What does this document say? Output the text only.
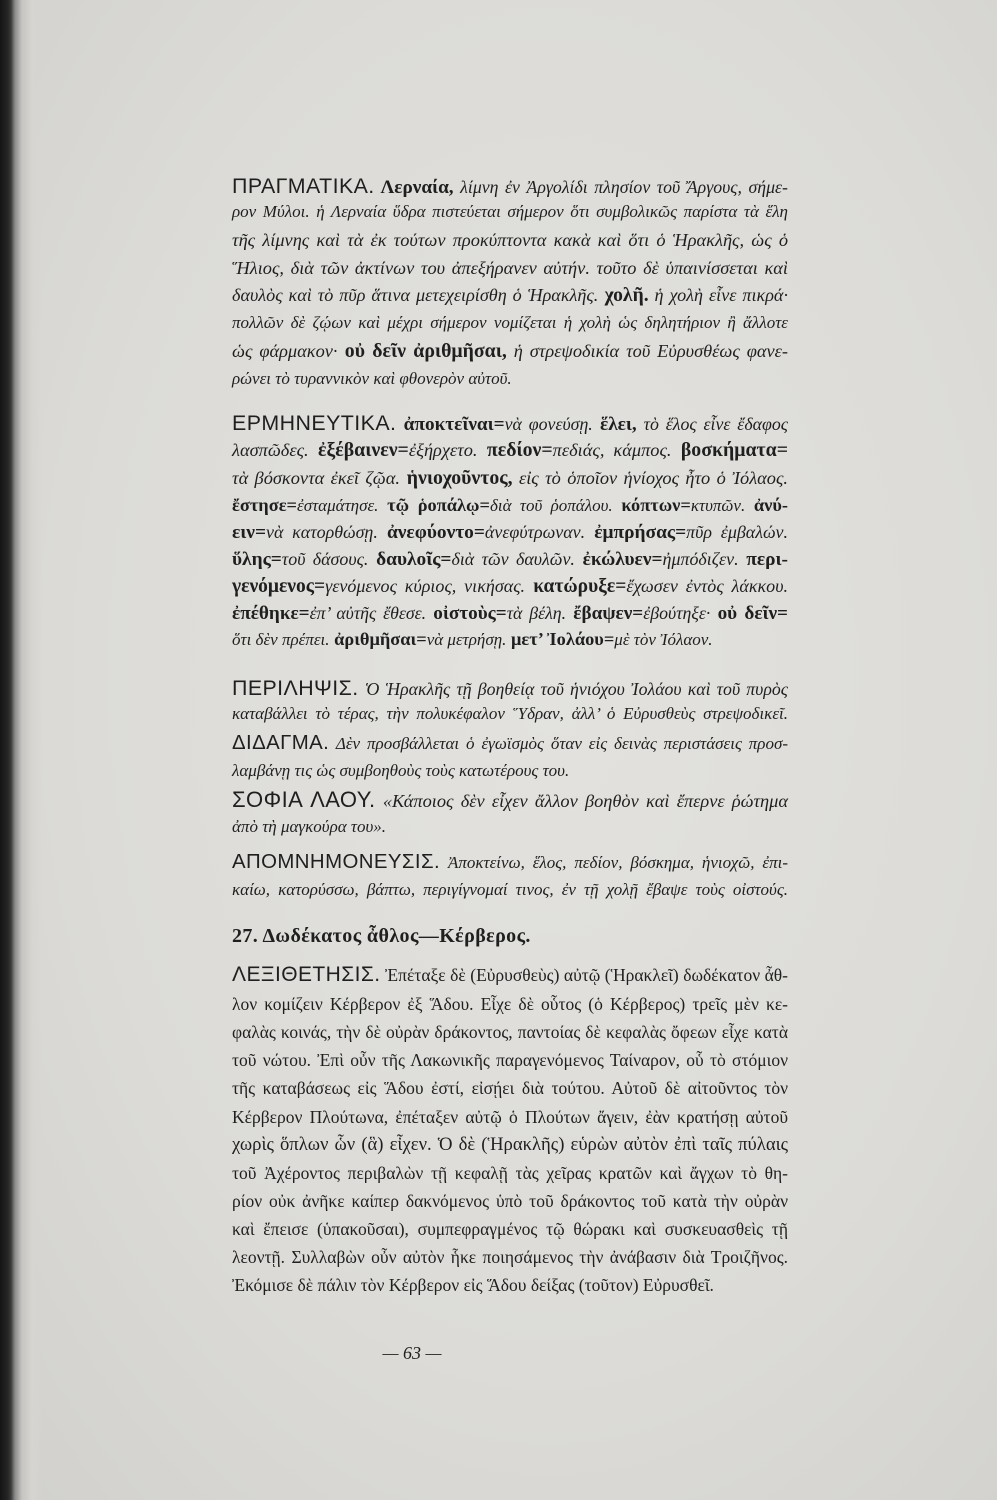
ΠΡΑΓΜΑΤΙΚΑ. Λερναία, λίμνη ἐν Ἀργολίδι πλησίον τοῦ Ἄργους, σήμε-
ρον Μύλοι. ἡ Λερναία ὕδρα πιστεύεται σήμερον ὅτι συμβολικῶς παρίστα τὰ ἕλη
τῆς λίμνης καὶ τὰ ἐκ τούτων προκύπτοντα κακὰ καὶ ὅτι ὁ Ἡρακλῆς, ὡς ὁ
Ἥλιος, διὰ τῶν ἀκτίνων του ἀπεξήρανεν αὐτήν. τοῦτο δὲ ὑπαινίσσεται καὶ
δαυλὸς καὶ τὸ πῦρ ἅτινα μετεχειρίσθη ὁ Ἡρακλῆς. χολῆ. ἡ χολὴ εἶνε πικρά·
πολλῶν δὲ ζῴων καὶ μέχρι σήμερον νομίζεται ἡ χολὴ ὡς δηλητήριον ἢ ἄλλοτε
ὡς φάρμακον· οὐ δεῖν ἀριθμῆσαι, ἡ στρεψοδικία τοῦ Εὐρυσθέως φανε-
ρώνει τὸ τυραννικὸν καὶ φθονερὸν αὐτοῦ.
ΕΡΜΗΝΕΥΤΙΚΑ. ἀποκτεῖναι=νὰ φονεύσῃ. ἕλει, τὸ ἕλος εἶνε ἔδαφος
λασπῶδες. ἐξέβαινεν=ἐξήρχετο. πεδίον=πεδιάς, κάμπος. βοσκήματα=
τὰ βόσκοντα ἐκεῖ ζῷα. ἡνιοχοῦντος, εἰς τὸ ὁποῖον ἡνίοχος ἦτο ὁ Ἰόλαος.
ἔστησε=ἐσταμάτησε. τῷ ῥοπάλῳ=διὰ τοῦ ῥοπάλου. κόπτων=κτυπῶν. ἀνύ-
ειν=νὰ κατορθώσῃ. ἀνεφύοντο=ἀνεφύτρωναν. ἐμπρήσας=πῦρ ἐμβαλών.
ὕλης=τοῦ δάσους. δαυλοῖς=διὰ τῶν δαυλῶν. ἐκώλυεν=ἠμπόδιζεν. περι-
γενόμενος=γενόμενος κύριος, νικήσας. κατώρυξε=ἔχωσεν ἐντὸς λάκκου.
ἐπέθηκε=ἐπ’ αὐτῆς ἔθεσε. οἰστοὺς=τὰ βέλη. ἔβαψεν=ἐβούτηξε· οὐ δεῖν=
ὅτι δὲν πρέπει. ἀριθμῆσαι=νὰ μετρήσῃ. μετ’ Ἰολάου=μὲ τὸν Ἰόλαον.
ΠΕΡΙΛΗΨΙΣ. Ὁ Ἡρακλῆς τῇ βοηθείᾳ τοῦ ἡνιόχου Ἰολάου καὶ τοῦ πυρὸς
καταβάλλει τὸ τέρας, τὴν πολυκέφαλον Ὕδραν, ἀλλ’ ὁ Εὐρυσθεὺς στρεψοδικεῖ.
ΔΙΔΑΓΜΑ. Δὲν προσβάλλεται ὁ ἐγωϊσμὸς ὅταν εἰς δεινὰς περιστάσεις προσ-
λαμβάνῃ τις ὡς συμβοηθοὺς τοὺς κατωτέρους του.
ΣΟΦΙΑ ΛΑΟΥ. «Κάποιος δὲν εἶχεν ἄλλον βοηθὸν καὶ ἔπερνε ῥώτημα
ἀπὸ τὴ μαγκούρα του».
ΑΠΟΜΝΗΜΟΝΕΥΣΙΣ. Ἀποκτείνω, ἕλος, πεδίον, βόσκημα, ἡνιοχῶ, ἐπι-
καίω, κατορύσσω, βάπτω, περιγίγνομαί τινος, ἐν τῇ χολῇ ἔβαψε τοὺς οἰστούς.
27. Δωδέκατος ἆθλος—Κέρβερος.
ΛΕΞΙΘΕΤΗΣΙΣ. Ἐπέταξε δὲ (Εὐρυσθεὺς) αὐτῷ (Ἡρακλεῖ) δωδέκατον ἆθ-
λον κομίζειν Κέρβερον ἐξ Ἅδου. Εἶχε δὲ οὗτος (ὁ Κέρβερος) τρεῖς μὲν κε-
φαλὰς κοινάς, τὴν δὲ οὐρὰν δράκοντος, παντοίας δὲ κεφαλὰς ὄφεων εἶχε κατὰ
τοῦ νώτου. Ἐπὶ οὖν τῆς Λακωνικῆς παραγενόμενος Ταίναρον, οὗ τὸ στόμιον
τῆς καταβάσεως εἰς Ἅδου ἐστί, εἰσῄει διὰ τούτου. Αὐτοῦ δὲ αἰτοῦντος τὸν
Κέρβερον Πλούτωνα, ἐπέταξεν αὐτῷ ὁ Πλούτων ἄγειν, ἐὰν κρατήσῃ αὐτοῦ
χωρὶς ὅπλων ὧν (ἃ) εἶχεν. Ὁ δὲ (Ἡρακλῆς) εὑρὼν αὐτὸν ἐπὶ ταῖς πύλαις
τοῦ Ἀχέροντος περιβαλὼν τῇ κεφαλῇ τὰς χεῖρας κρατῶν καὶ ἄγχων τὸ θη-
ρίον οὐκ ἀνῆκε καίπερ δακνόμενος ὑπὸ τοῦ δράκοντος τοῦ κατὰ τὴν οὐρὰν
καὶ ἔπεισε (ὑπακοῦσαι), συμπεφραγμένος τῷ θώρακι καὶ συσκευασθεὶς τῇ
λεοντῇ. Συλλαβὼν οὖν αὐτὸν ἧκε ποιησάμενος τὴν ἀνάβασιν διὰ Τροιζῆνος.
Ἐκόμισε δὲ πάλιν τὸν Κέρβερον εἰς Ἅδου δείξας (τοῦτον) Εὐρυσθεῖ.
— 63 —
